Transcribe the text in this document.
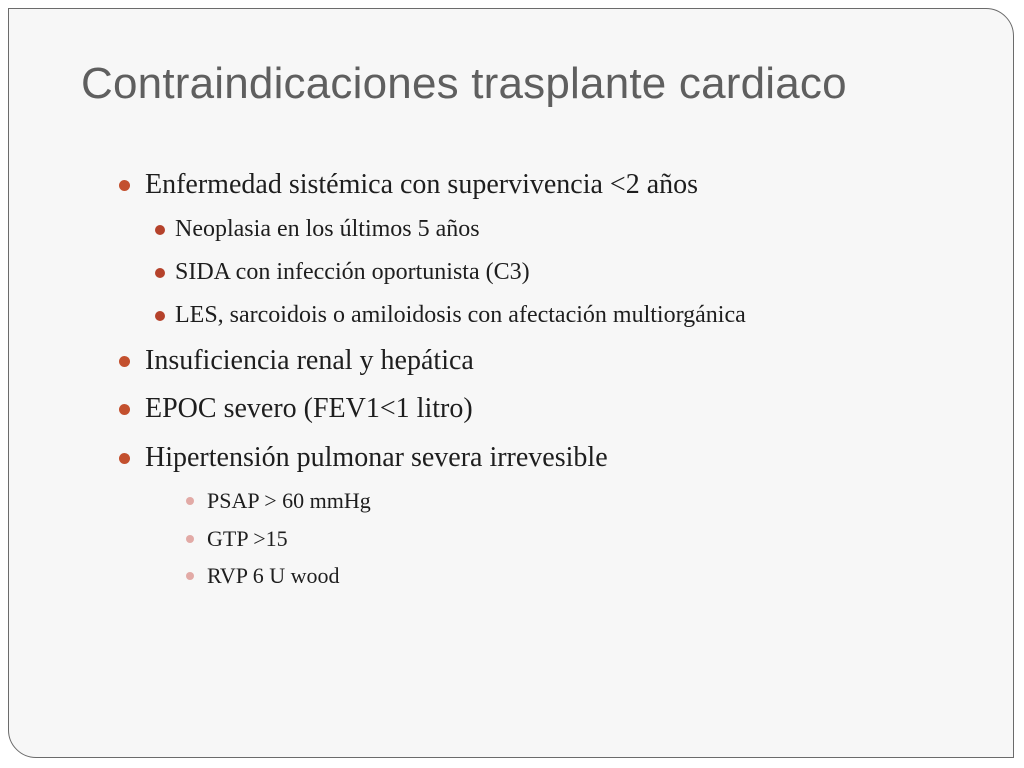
Contraindicaciones trasplante cardiaco
Enfermedad sistémica con supervivencia <2 años
Neoplasia en los últimos 5 años
SIDA con infección oportunista (C3)
LES, sarcoidois o amiloidosis con afectación multiorgánica
Insuficiencia renal y hepática
EPOC severo (FEV1<1 litro)
Hipertensión pulmonar severa irrevesible
PSAP > 60 mmHg
GTP >15
RVP 6 U wood
